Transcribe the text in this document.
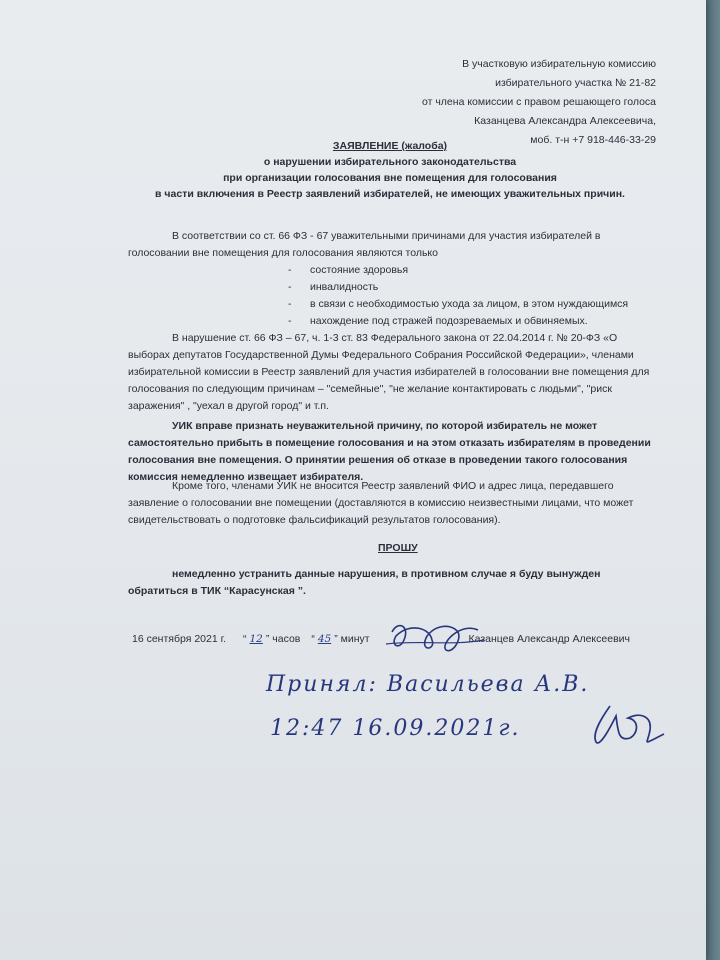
В участковую избирательную комиссию
избирательного участка № 21-82
от члена комиссии с правом решающего голоса
Казанцева Александра Алексеевича,
моб. т-н +7 918-446-33-29
ЗАЯВЛЕНИЕ (жалоба)
о нарушении избирательного законодательства
при организации голосования вне помещения для голосования
в части включения в Реестр заявлений избирателей, не имеющих уважительных причин.
В соответствии со ст. 66 ФЗ - 67 уважительными причинами для участия избирателей в голосовании вне помещения для голосования являются только
- состояние здоровья
- инвалидность
- в связи с необходимостью ухода за лицом, в этом нуждающимся
- нахождение под стражей подозреваемых и обвиняемых.
В нарушение ст. 66 ФЗ – 67, ч. 1-3 ст. 83 Федерального закона от 22.04.2014 г. № 20-ФЗ «О выборах депутатов Государственной Думы Федерального Собрания Российской Федерации», членами избирательной комиссии в Реестр заявлений для участия избирателей в голосовании вне помещения для голосования по следующим причинам – "семейные", "не желание контактировать с людьми", "риск заражения" , "уехал в другой город" и т.п.
УИК вправе признать неуважительной причину, по которой избиратель не может самостоятельно прибыть в помещение голосования и на этом отказать избирателям в проведении голосования вне помещения. О принятии решения об отказе в проведении такого голосования комиссия немедленно извещает избирателя.
Кроме того, членами УИК не вносится Реестр заявлений ФИО и адрес лица, передавшего заявление о голосовании вне помещении (доставляются в комиссию неизвестными лицами, что может свидетельствовать о подготовке фальсификаций результатов голосования).
ПРОШУ
немедленно устранить данные нарушения, в противном случае я буду вынужден обратиться в ТИК “Карасунская ”.
16 сентября 2021 г. “ 12 ” часов “ 45 ” минут	Казанцев Александр Алексеевич
Принял: Васильева А.В.
12:47 16.09.2021г.
